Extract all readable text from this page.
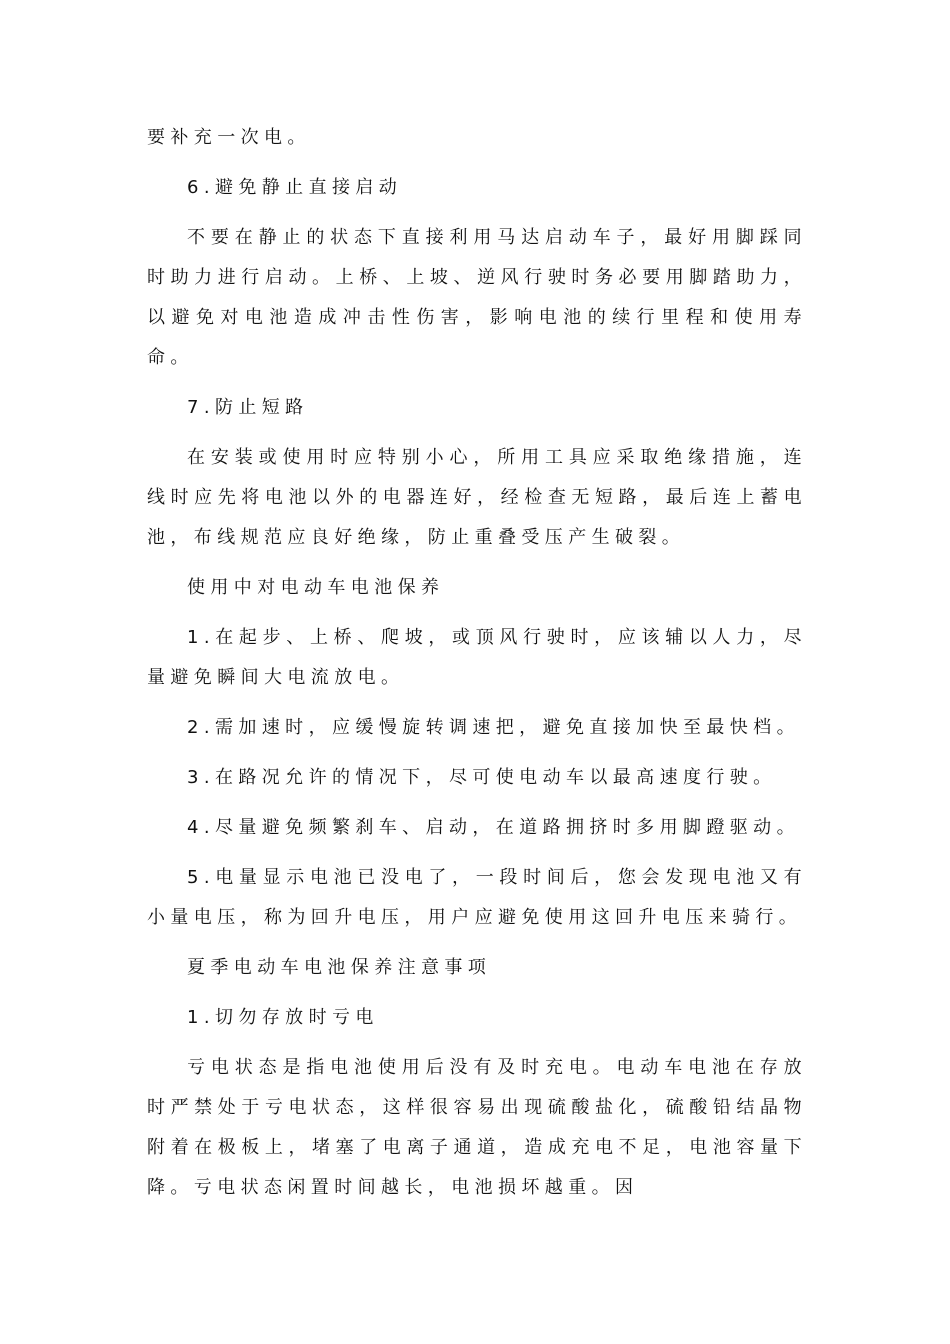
要补充一次电。

6.避免静止直接启动

不要在静止的状态下直接利用马达启动车子，最好用脚踩同时助力进行启动。上桥、上坡、逆风行驶时务必要用脚踏助力，以避免对电池造成冲击性伤害，影响电池的续行里程和使用寿命。

7.防止短路

在安装或使用时应特别小心，所用工具应采取绝缘措施，连线时应先将电池以外的电器连好，经检查无短路，最后连上蓄电池，布线规范应良好绝缘，防止重叠受压产生破裂。

使用中对电动车电池保养

1.在起步、上桥、爬坡，或顶风行驶时，应该辅以人力，尽量避免瞬间大电流放电。

2.需加速时，应缓慢旋转调速把，避免直接加快至最快档。

3.在路况允许的情况下，尽可使电动车以最高速度行驶。

4.尽量避免频繁刹车、启动，在道路拥挤时多用脚蹬驱动。

5.电量显示电池已没电了，一段时间后，您会发现电池又有小量电压，称为回升电压，用户应避免使用这回升电压来骑行。

夏季电动车电池保养注意事项

1.切勿存放时亏电

亏电状态是指电池使用后没有及时充电。电动车电池在存放时严禁处于亏电状态，这样很容易出现硫酸盐化，硫酸铅结晶物附着在极板上，堵塞了电离子通道，造成充电不足，电池容量下降。亏电状态闲置时间越长，电池损坏越重。因
